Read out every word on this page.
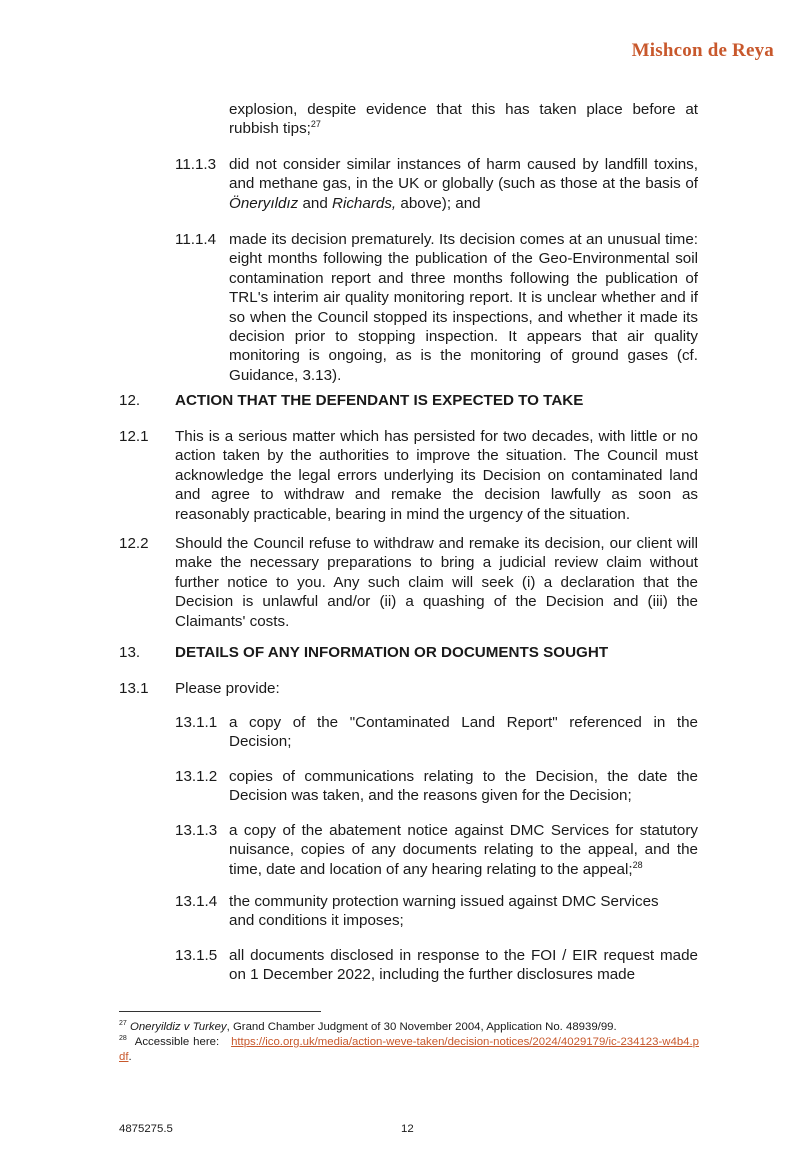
Mishcon de Reya
explosion, despite evidence that this has taken place before at rubbish tips;$^{27}$
11.1.3 did not consider similar instances of harm caused by landfill toxins, and methane gas, in the UK or globally (such as those at the basis of Öneryıldız and Richards, above); and
11.1.4 made its decision prematurely. Its decision comes at an unusual time: eight months following the publication of the Geo-Environmental soil contamination report and three months following the publication of TRL's interim air quality monitoring report. It is unclear whether and if so when the Council stopped its inspections, and whether it made its decision prior to stopping inspection. It appears that air quality monitoring is ongoing, as is the monitoring of ground gases (cf. Guidance, 3.13).
12. ACTION THAT THE DEFENDANT IS EXPECTED TO TAKE
12.1 This is a serious matter which has persisted for two decades, with little or no action taken by the authorities to improve the situation. The Council must acknowledge the legal errors underlying its Decision on contaminated land and agree to withdraw and remake the decision lawfully as soon as reasonably practicable, bearing in mind the urgency of the situation.
12.2 Should the Council refuse to withdraw and remake its decision, our client will make the necessary preparations to bring a judicial review claim without further notice to you. Any such claim will seek (i) a declaration that the Decision is unlawful and/or (ii) a quashing of the Decision and (iii) the Claimants' costs.
13. DETAILS OF ANY INFORMATION OR DOCUMENTS SOUGHT
13.1 Please provide:
13.1.1 a copy of the "Contaminated Land Report" referenced in the Decision;
13.1.2 copies of communications relating to the Decision, the date the Decision was taken, and the reasons given for the Decision;
13.1.3 a copy of the abatement notice against DMC Services for statutory nuisance, copies of any documents relating to the appeal, and the time, date and location of any hearing relating to the appeal;$^{28}$
13.1.4 the community protection warning issued against DMC Services
and conditions it imposes;
13.1.5 all documents disclosed in response to the FOI / EIR request made on 1 December 2022, including the further disclosures made
$^{27}$ Oneryildiz v Turkey, Grand Chamber Judgment of 30 November 2004, Application No. 48939/99.
$^{28}$ Accessible here: https://ico.org.uk/media/action-weve-taken/decision-notices/2024/4029179/ic-234123-w4b4.pdf.
4875275.5	12
